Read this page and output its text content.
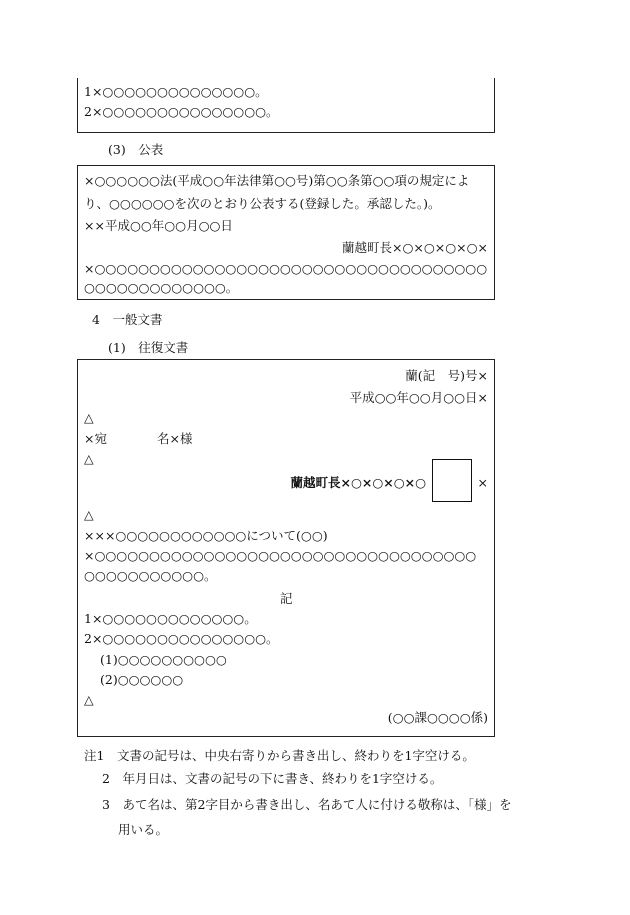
1×○○○○○○○○○○○○○○。
2×○○○○○○○○○○○○○○○。
(3)　公表
×○○○○○○法(平成○○年法律第○○号)第○○条第○○項の規定によ
り、○○○○○○を次のとおり公表する(登録した。承認した。)。
××平成○○年○○月○○日
蘭越町長×○×○×○×○×
×○○○○○○○○○○○○○○○○○○○○○○○○○○○○○○○○○○○○
○○○○○○○○○○○○○。
4　一般文書
(1)　往復文書
蘭(記　号)号×
平成○○年○○月○○日×
△
×宛　　　　名×様
△
蘭越町長×○×○×○×○	×
△
×××○○○○○○○○○○○○について(○○)
×○○○○○○○○○○○○○○○○○○○○○○○○○○○○○○○○○○○
○○○○○○○○○○○。
記
1×○○○○○○○○○○○○○。
2×○○○○○○○○○○○○○○○。
(1)○○○○○○○○○○
(2)○○○○○○
△
(○○課○○○○係)
注1　文書の記号は、中央右寄りから書き出し、終わりを1字空ける。
2　年月日は、文書の記号の下に書き、終わりを1字空ける。
3　あて名は、第2字目から書き出し、名あて人に付ける敬称は、「様」を
用いる。
